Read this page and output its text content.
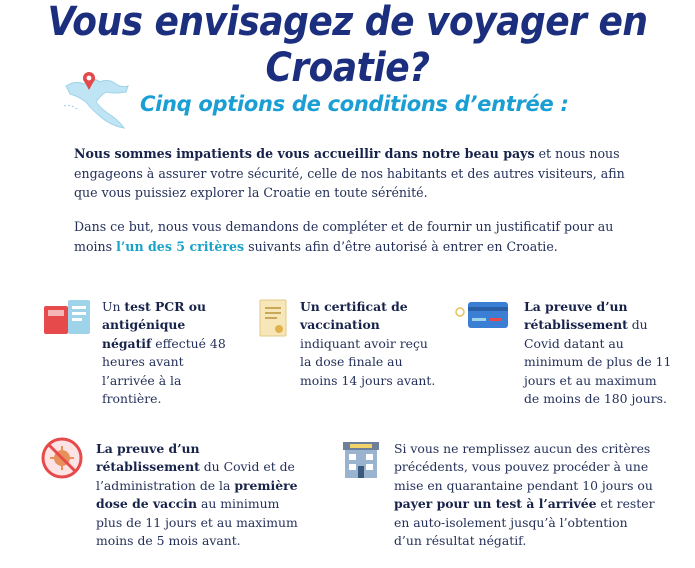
Vous envisagez de voyager en Croatie?
Cinq options de conditions d’entrée :
Nous sommes impatients de vous accueillir dans notre beau pays et nous nous engageons à assurer votre sécurité, celle de nos habitants et des autres visiteurs, afin que vous puissiez explorer la Croatie en toute sérénité.
Dans ce but, nous vous demandons de compléter et de fournir un justificatif pour au moins l’un des 5 critères suivants afin d’être autorisé à entrer en Croatie.
Un test PCR ou antigénique négatif effectué 48 heures avant l’arrivée à la frontière.
Un certificat de vaccination indiquant avoir reçu la dose finale au moins 14 jours avant.
La preuve d’un rétablissement du Covid datant au minimum de plus de 11 jours et au maximum de moins de 180 jours.
La preuve d’un rétablissement du Covid et de l’administration de la première dose de vaccin au minimum plus de 11 jours et au maximum moins de 5 mois avant.
Si vous ne remplissez aucun des critères précédents, vous pouvez procéder à une mise en quarantaine pendant 10 jours ou payer pour un test à l’arrivée et rester en auto-isolement jusqu’à l’obtention d’un résultat négatif.
